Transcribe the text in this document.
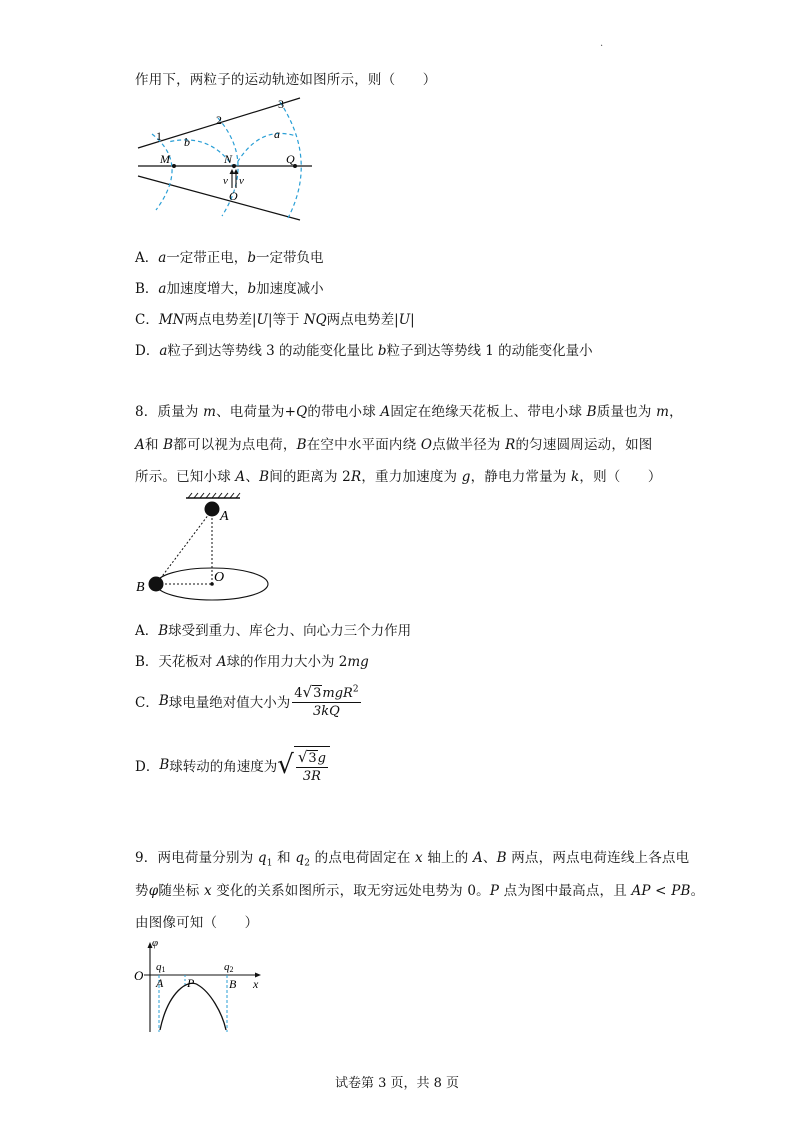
.
作用下，两粒子的运动轨迹如图所示，则（　　）
1
2
3
b
a
M	N	Q
v v
O
A．a一定带正电，b一定带负电
B．a加速度增大，b加速度减小
C．MN两点电势差|U|等于 NQ两点电势差|U|
D．a粒子到达等势线 3 的动能变化量比 b粒子到达等势线 1 的动能变化量小
8．质量为 m、电荷量为+Q的带电小球 A固定在绝缘天花板上、带电小球 B质量也为 m，
A和 B都可以视为点电荷，B在空中水平面内绕 O点做半径为 R的匀速圆周运动，如图
所示。已知小球 A、B间的距离为 2R，重力加速度为 g，静电力常量为 k，则（　　）
A
B
O
A．B球受到重力、库仑力、向心力三个力作用
B．天花板对 A球的作用力大小为 2mg
C．B球电量绝对值大小为 $\frac{4√3mgR^2}{3kQ}$
D．B球转动的角速度为√ $\frac{√3g}{3R}$
9．两电荷量分别为 $q_1$ 和 $q_2$ 的点电荷固定在 x 轴上的 A、B 两点，两点电荷连线上各点电
势φ随坐标 x 变化的关系如图所示，取无穷远处电势为 0。P 点为图中最高点，且 AP < PB。
由图像可知（　　）
φ
O
q1	q2
A P	B x
试卷第 3 页，共 8 页
